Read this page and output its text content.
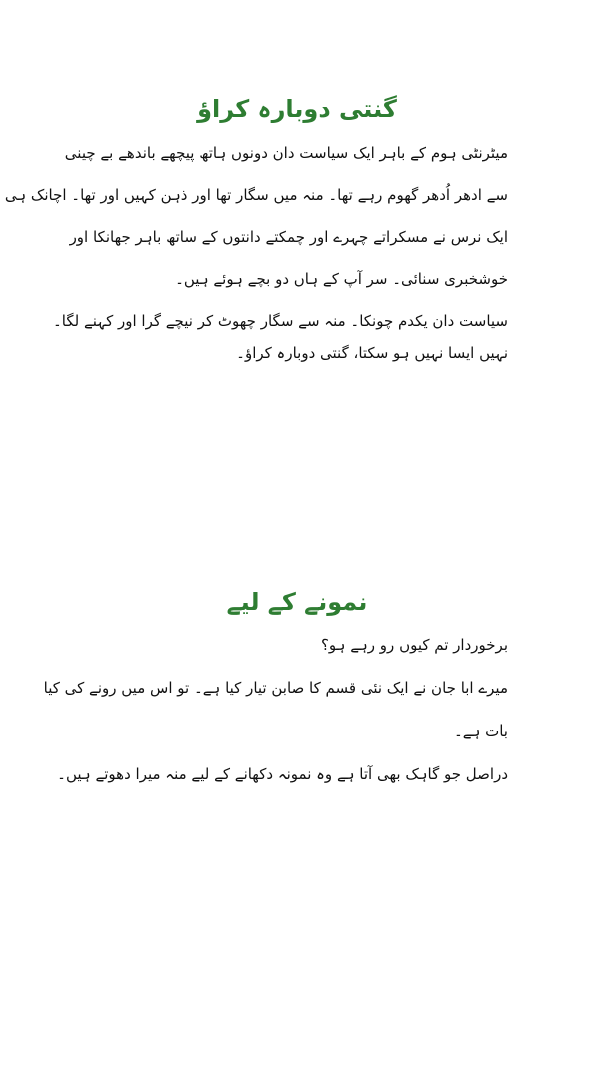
گنتی دوبارہ کراؤ
میٹرنٹی ہوم کے باہر ایک سیاست دان دونوں ہاتھ پیچھے باندھے بے چینی
سے ادھر اُدھر گھوم رہے تھا۔ منہ میں سگار تھا اور ذہن کہیں اور تھا۔ اچانک ہی
ایک نرس نے مسکراتے چہرے اور چمکتے دانتوں کے ساتھ باہر جھانکا اور
خوشخبری سنائی۔ سر آپ کے ہاں دو بچے ہوئے ہیں۔
سیاست دان یکدم چونکا۔ منہ سے سگار چھوٹ کر نیچے گرا اور کہنے لگا۔
نہیں ایسا نہیں ہو سکتا، گنتی دوبارہ کراؤ۔
نمونے کے لیے
برخوردار تم کیوں رو رہے ہو؟
میرے ابا جان نے ایک نئی قسم کا صابن تیار کیا ہے۔ تو اس میں رونے کی کیا
بات ہے۔
دراصل جو گاہک بھی آتا ہے وہ نمونہ دکھانے کے لیے منہ میرا دھوتے ہیں۔
